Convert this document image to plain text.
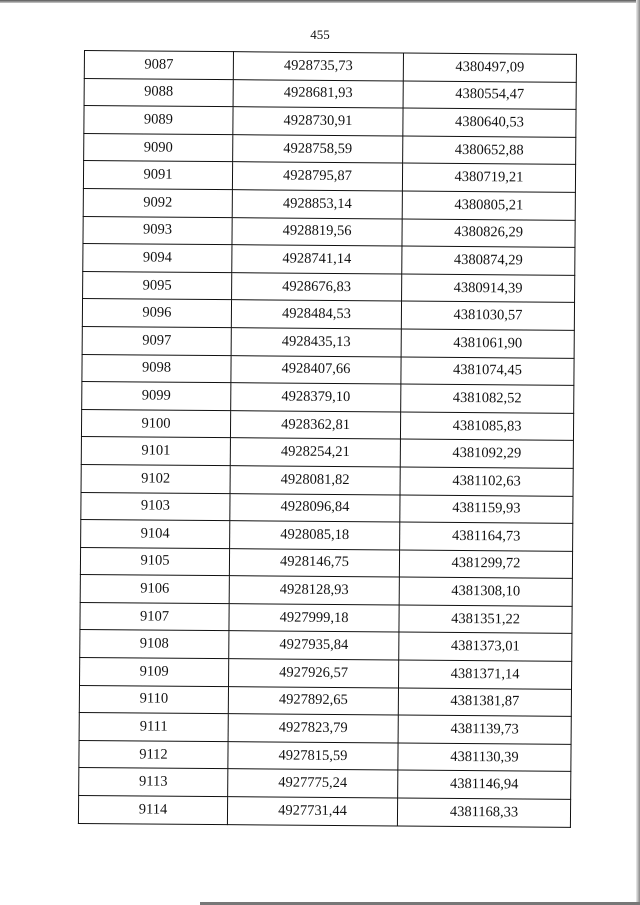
455
9087	4928735,73	4380497,09
9088	4928681,93	4380554,47
9089	4928730,91	4380640,53
9090	4928758,59	4380652,88
9091	4928795,87	4380719,21
9092	4928853,14	4380805,21
9093	4928819,56	4380826,29
9094	4928741,14	4380874,29
9095	4928676,83	4380914,39
9096	4928484,53	4381030,57
9097	4928435,13	4381061,90
9098	4928407,66	4381074,45
9099	4928379,10	4381082,52
9100	4928362,81	4381085,83
9101	4928254,21	4381092,29
9102	4928081,82	4381102,63
9103	4928096,84	4381159,93
9104	4928085,18	4381164,73
9105	4928146,75	4381299,72
9106	4928128,93	4381308,10
9107	4927999,18	4381351,22
9108	4927935,84	4381373,01
9109	4927926,57	4381371,14
9110	4927892,65	4381381,87
9111	4927823,79	4381139,73
9112	4927815,59	4381130,39
9113	4927775,24	4381146,94
9114	4927731,44	4381168,33
